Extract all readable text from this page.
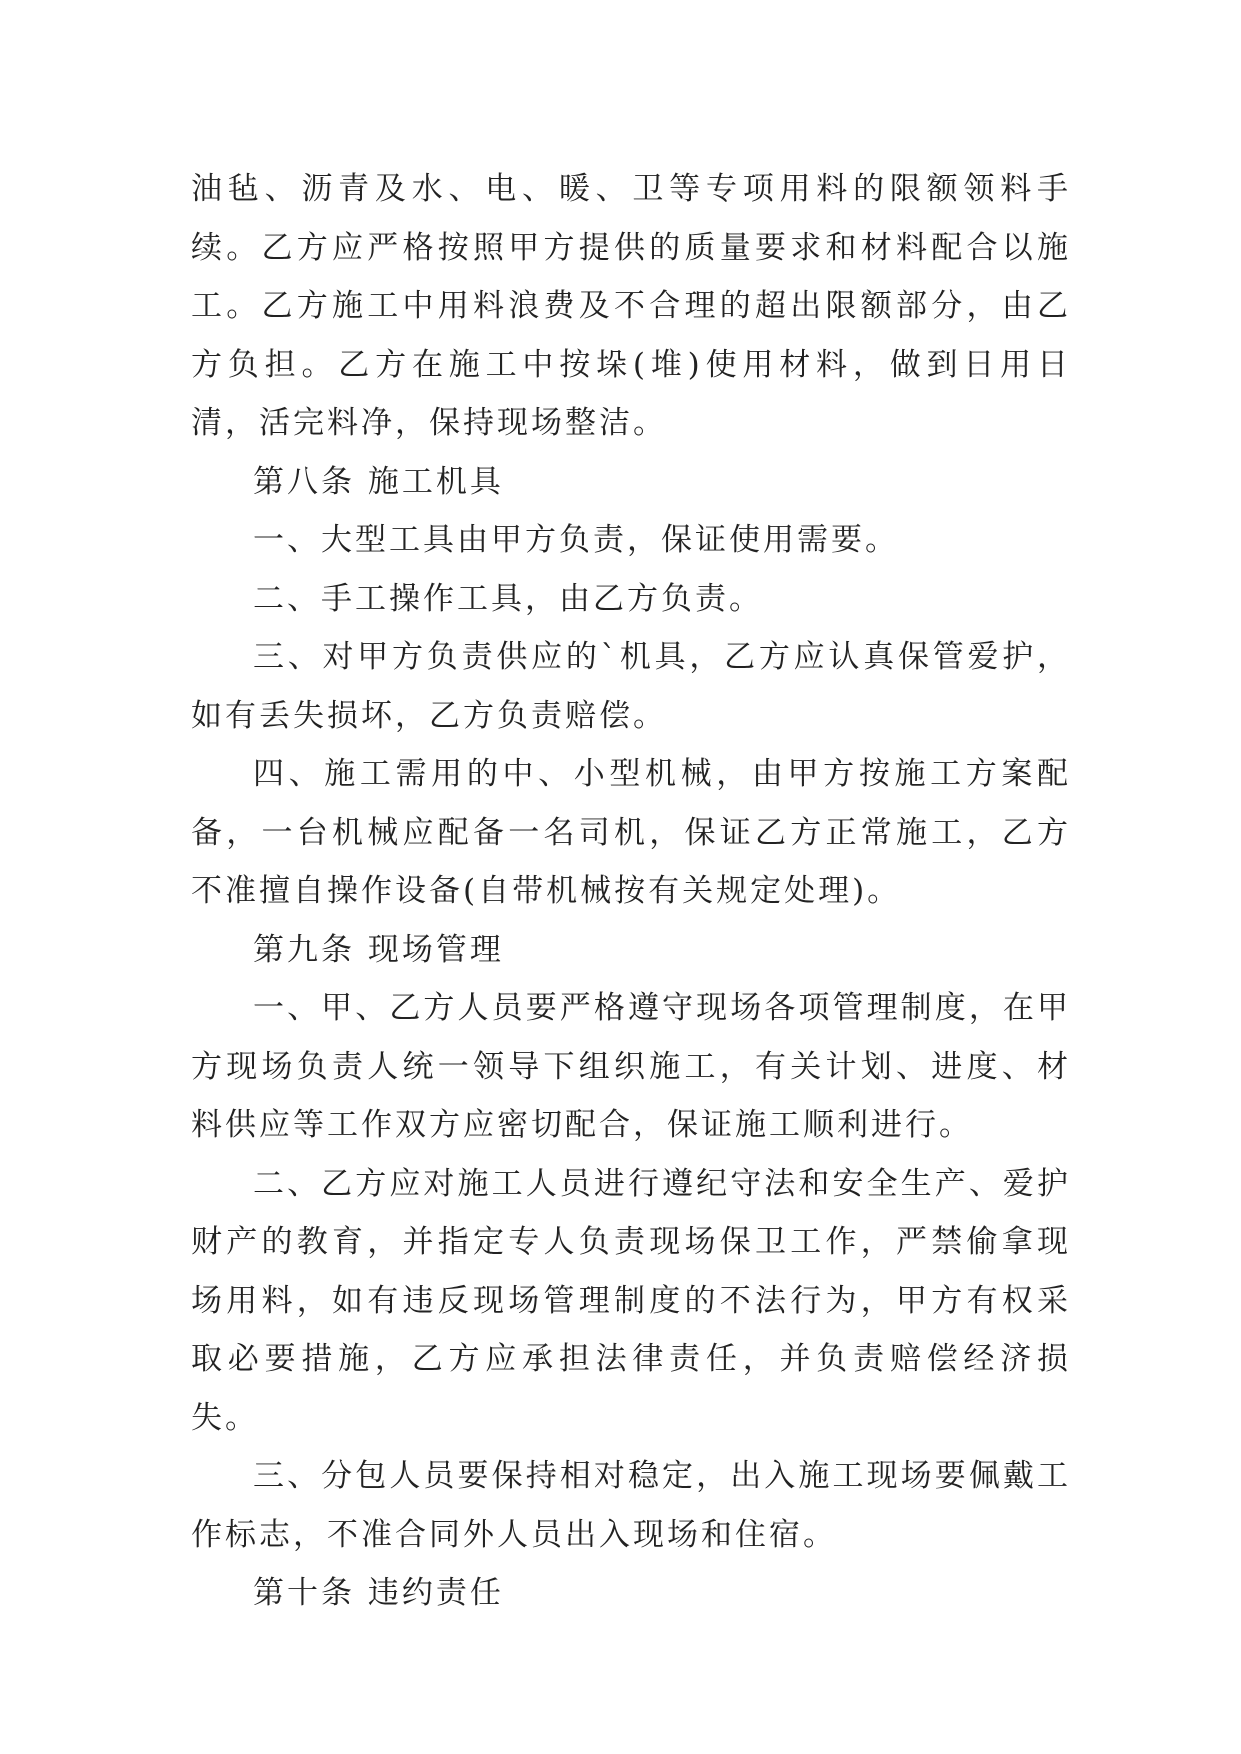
油毡、沥青及水、电、暖、卫等专项用料的限额领料手续。乙方应严格按照甲方提供的质量要求和材料配合以施工。乙方施工中用料浪费及不合理的超出限额部分，由乙方负担。乙方在施工中按垛(堆)使用材料，做到日用日清，活完料净，保持现场整洁。

第八条 施工机具

一、大型工具由甲方负责，保证使用需要。

二、手工操作工具，由乙方负责。

三、对甲方负责供应的`机具，乙方应认真保管爱护，如有丢失损坏，乙方负责赔偿。

四、施工需用的中、小型机械，由甲方按施工方案配备，一台机械应配备一名司机，保证乙方正常施工，乙方不准擅自操作设备(自带机械按有关规定处理)。

第九条 现场管理

一、甲、乙方人员要严格遵守现场各项管理制度，在甲方现场负责人统一领导下组织施工，有关计划、进度、材料供应等工作双方应密切配合，保证施工顺利进行。

二、乙方应对施工人员进行遵纪守法和安全生产、爱护财产的教育，并指定专人负责现场保卫工作，严禁偷拿现场用料，如有违反现场管理制度的不法行为，甲方有权采取必要措施，乙方应承担法律责任，并负责赔偿经济损失。

三、分包人员要保持相对稳定，出入施工现场要佩戴工作标志，不准合同外人员出入现场和住宿。

第十条 违约责任
